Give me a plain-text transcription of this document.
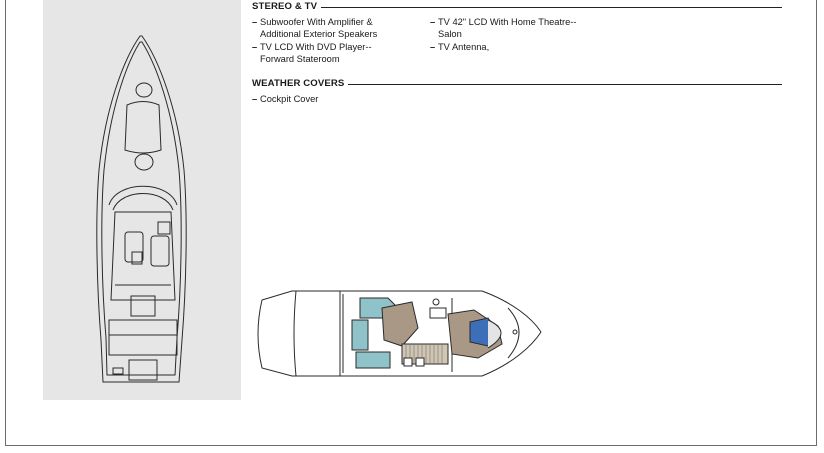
STEREO & TV
– Subwoofer With Amplifier &
Additional Exterior Speakers
– TV LCD With DVD Player--
Forward Stateroom
– TV 42" LCD With Home Theatre--
Salon
– TV Antenna,
WEATHER COVERS
– Cockpit Cover
